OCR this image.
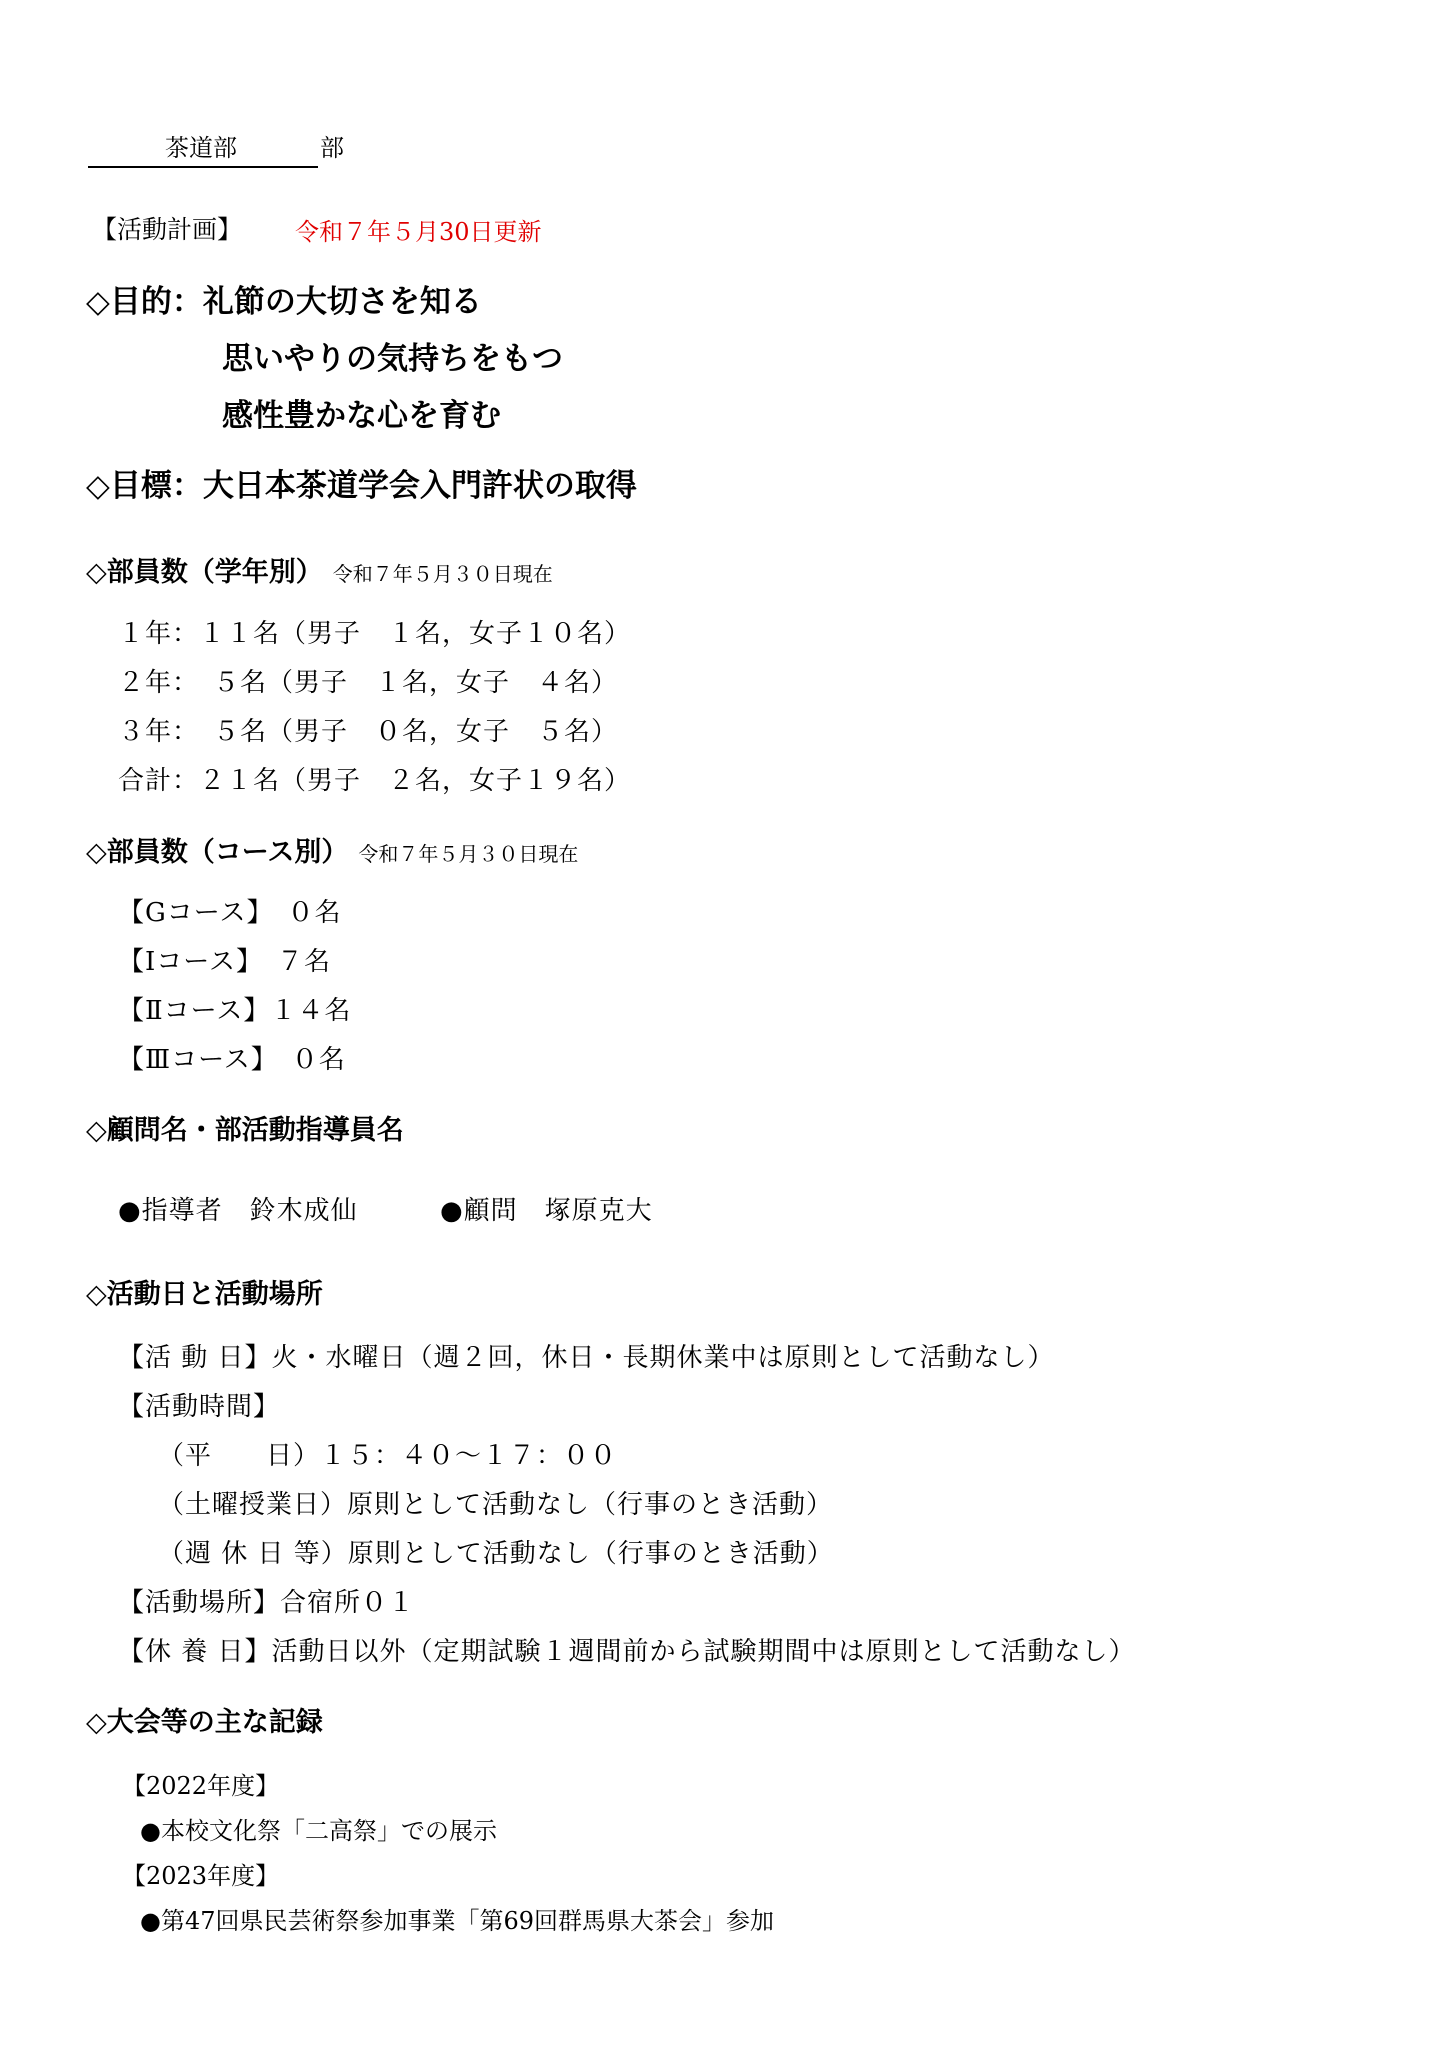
茶道部	部
【活動計画】 令和７年５月30日更新
◇目的：礼節の大切さを知る
思いやりの気持ちをもつ
感性豊かな心を育む
◇目標：大日本茶道学会入門許状の取得
◇部員数（学年別） 令和７年５月３０日現在
１年：１１名（男子　１名，女子１０名）
２年：　５名（男子　１名，女子　４名）
３年：　５名（男子　０名，女子　５名）
合計：２１名（男子　２名，女子１９名）
◇部員数（コース別） 令和７年５月３０日現在
【Gコース】　０名
【Ⅰコース】　７名
【Ⅱコース】１４名
【Ⅲコース】　０名
◇顧問名・部活動指導員名
●指導者　鈴木成仙	●顧問　塚原克大
◇活動日と活動場所
【活 動 日】火・水曜日（週２回，休日・長期休業中は原則として活動なし）
【活動時間】
（平　　日）１５：４０～１７：００
（土曜授業日）原則として活動なし（行事のとき活動）
（週 休 日 等）原則として活動なし（行事のとき活動）
【活動場所】合宿所０１
【休 養 日】活動日以外（定期試験１週間前から試験期間中は原則として活動なし）
◇大会等の主な記録
【2022年度】
●本校文化祭「二高祭」での展示
【2023年度】
●第47回県民芸術祭参加事業「第69回群馬県大茶会」参加
